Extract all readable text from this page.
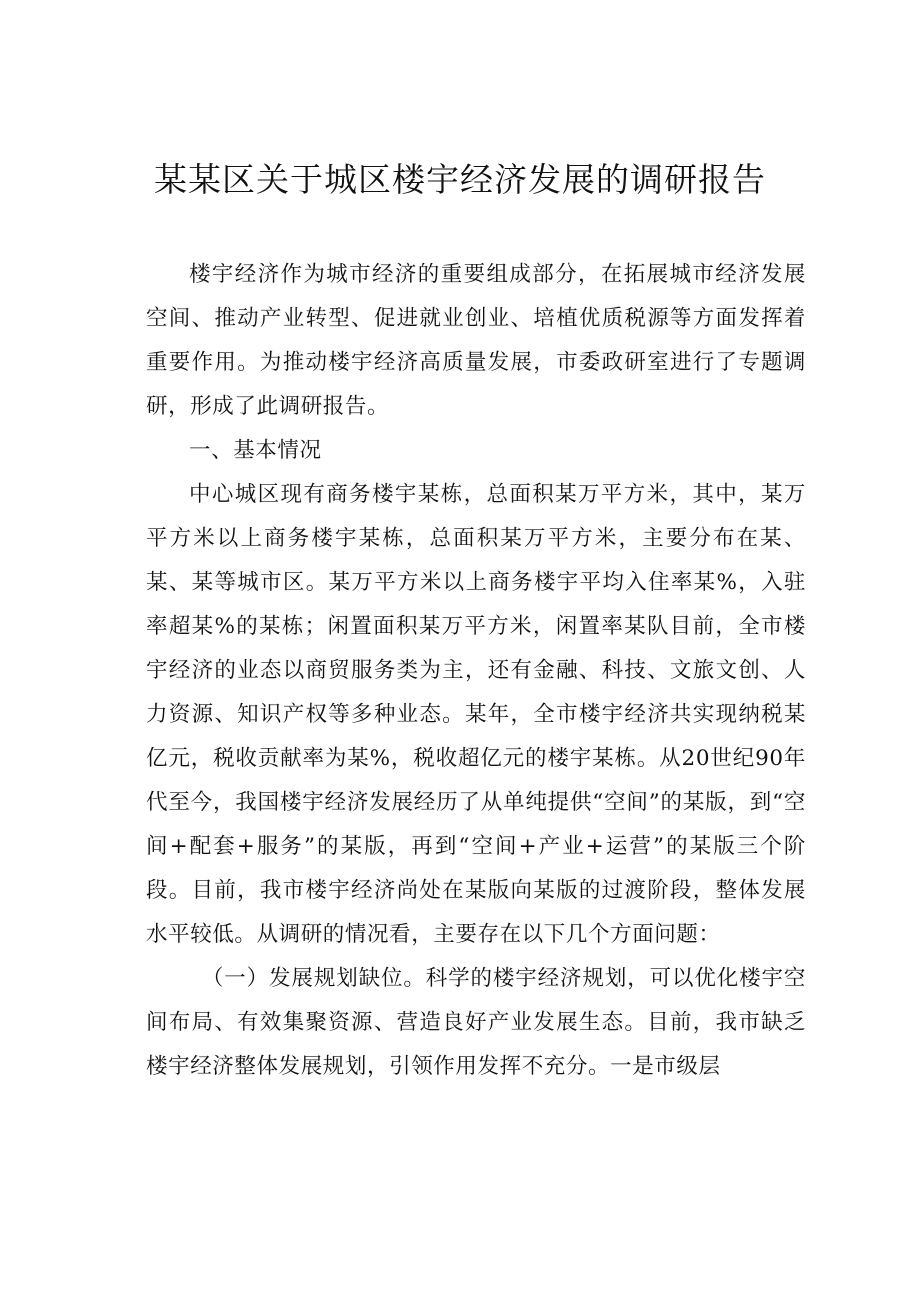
某某区关于城区楼宇经济发展的调研报告

楼宇经济作为城市经济的重要组成部分，在拓展城市经济发展空间、推动产业转型、促进就业创业、培植优质税源等方面发挥着重要作用。为推动楼宇经济高质量发展，市委政研室进行了专题调研，形成了此调研报告。

一、基本情况

中心城区现有商务楼宇某栋，总面积某万平方米，其中，某万平方米以上商务楼宇某栋，总面积某万平方米，主要分布在某、某、某等城市区。某万平方米以上商务楼宇平均入住率某%，入驻率超某%的某栋；闲置面积某万平方米，闲置率某队目前，全市楼宇经济的业态以商贸服务类为主，还有金融、科技、文旅文创、人力资源、知识产权等多种业态。某年，全市楼宇经济共实现纳税某亿元，税收贡献率为某%，税收超亿元的楼宇某栋。从20世纪90年代至今，我国楼宇经济发展经历了从单纯提供“空间”的某版，到“空间+配套+服务”的某版，再到“空间+产业+运营”的某版三个阶段。目前，我市楼宇经济尚处在某版向某版的过渡阶段，整体发展水平较低。从调研的情况看，主要存在以下几个方面问题：

（一）发展规划缺位。科学的楼宇经济规划，可以优化楼宇空间布局、有效集聚资源、营造良好产业发展生态。目前，我市缺乏楼宇经济整体发展规划，引领作用发挥不充分。一是市级层
